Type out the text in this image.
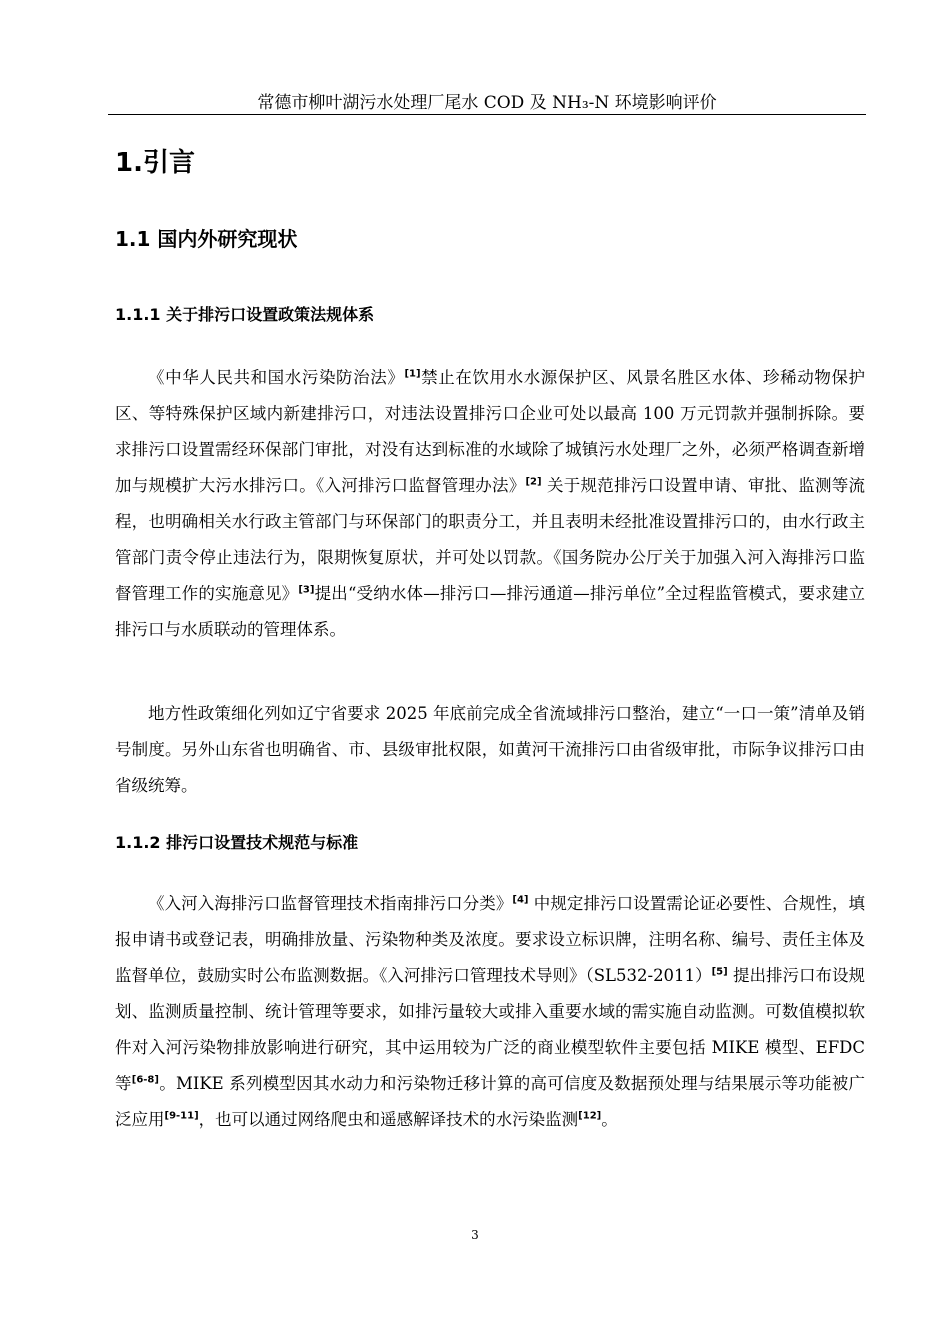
常德市柳叶湖污水处理厂尾水 COD 及 NH₃-N 环境影响评价
1.引言
1.1 国内外研究现状
1.1.1 关于排污口设置政策法规体系

《中华人民共和国水污染防治法》[1]禁止在饮用水水源保护区、风景名胜区水体、珍稀动物保护区、等特殊保护区域内新建排污口，对违法设置排污口企业可处以最高 100 万元罚款并强制拆除。要求排污口设置需经环保部门审批，对没有达到标准的水域除了城镇污水处理厂之外，必须严格调查新增加与规模扩大污水排污口。《入河排污口监督管理办法》[2] 关于规范排污口设置申请、审批、监测等流程，也明确相关水行政主管部门与环保部门的职责分工，并且表明未经批准设置排污口的，由水行政主管部门责令停止违法行为，限期恢复原状，并可处以罚款。《国务院办公厅关于加强入河入海排污口监督管理工作的实施意见》[3]提出“受纳水体—排污口—排污通道—排污单位”全过程监管模式，要求建立排污口与水质联动的管理体系。

地方性政策细化列如辽宁省要求 2025 年底前完成全省流域排污口整治，建立“一口一策”清单及销号制度。另外山东省也明确省、市、县级审批权限，如黄河干流排污口由省级审批，市际争议排污口由省级统筹。

1.1.2 排污口设置技术规范与标准

《入河入海排污口监督管理技术指南排污口分类》[4] 中规定排污口设置需论证必要性、合规性，填报申请书或登记表，明确排放量、污染物种类及浓度。要求设立标识牌，注明名称、编号、责任主体及监督单位，鼓励实时公布监测数据。《入河排污口管理技术导则》（SL532-2011）[5] 提出排污口布设规划、监测质量控制、统计管理等要求，如排污量较大或排入重要水域的需实施自动监测。可数值模拟软件对入河污染物排放影响进行研究，其中运用较为广泛的商业模型软件主要包括 MIKE 模型、EFDC 等[6-8]。MIKE 系列模型因其水动力和污染物迁移计算的高可信度及数据预处理与结果展示等功能被广泛应用[9-11]，也可以通过网络爬虫和遥感解译技术的水污染监测[12]。

3
